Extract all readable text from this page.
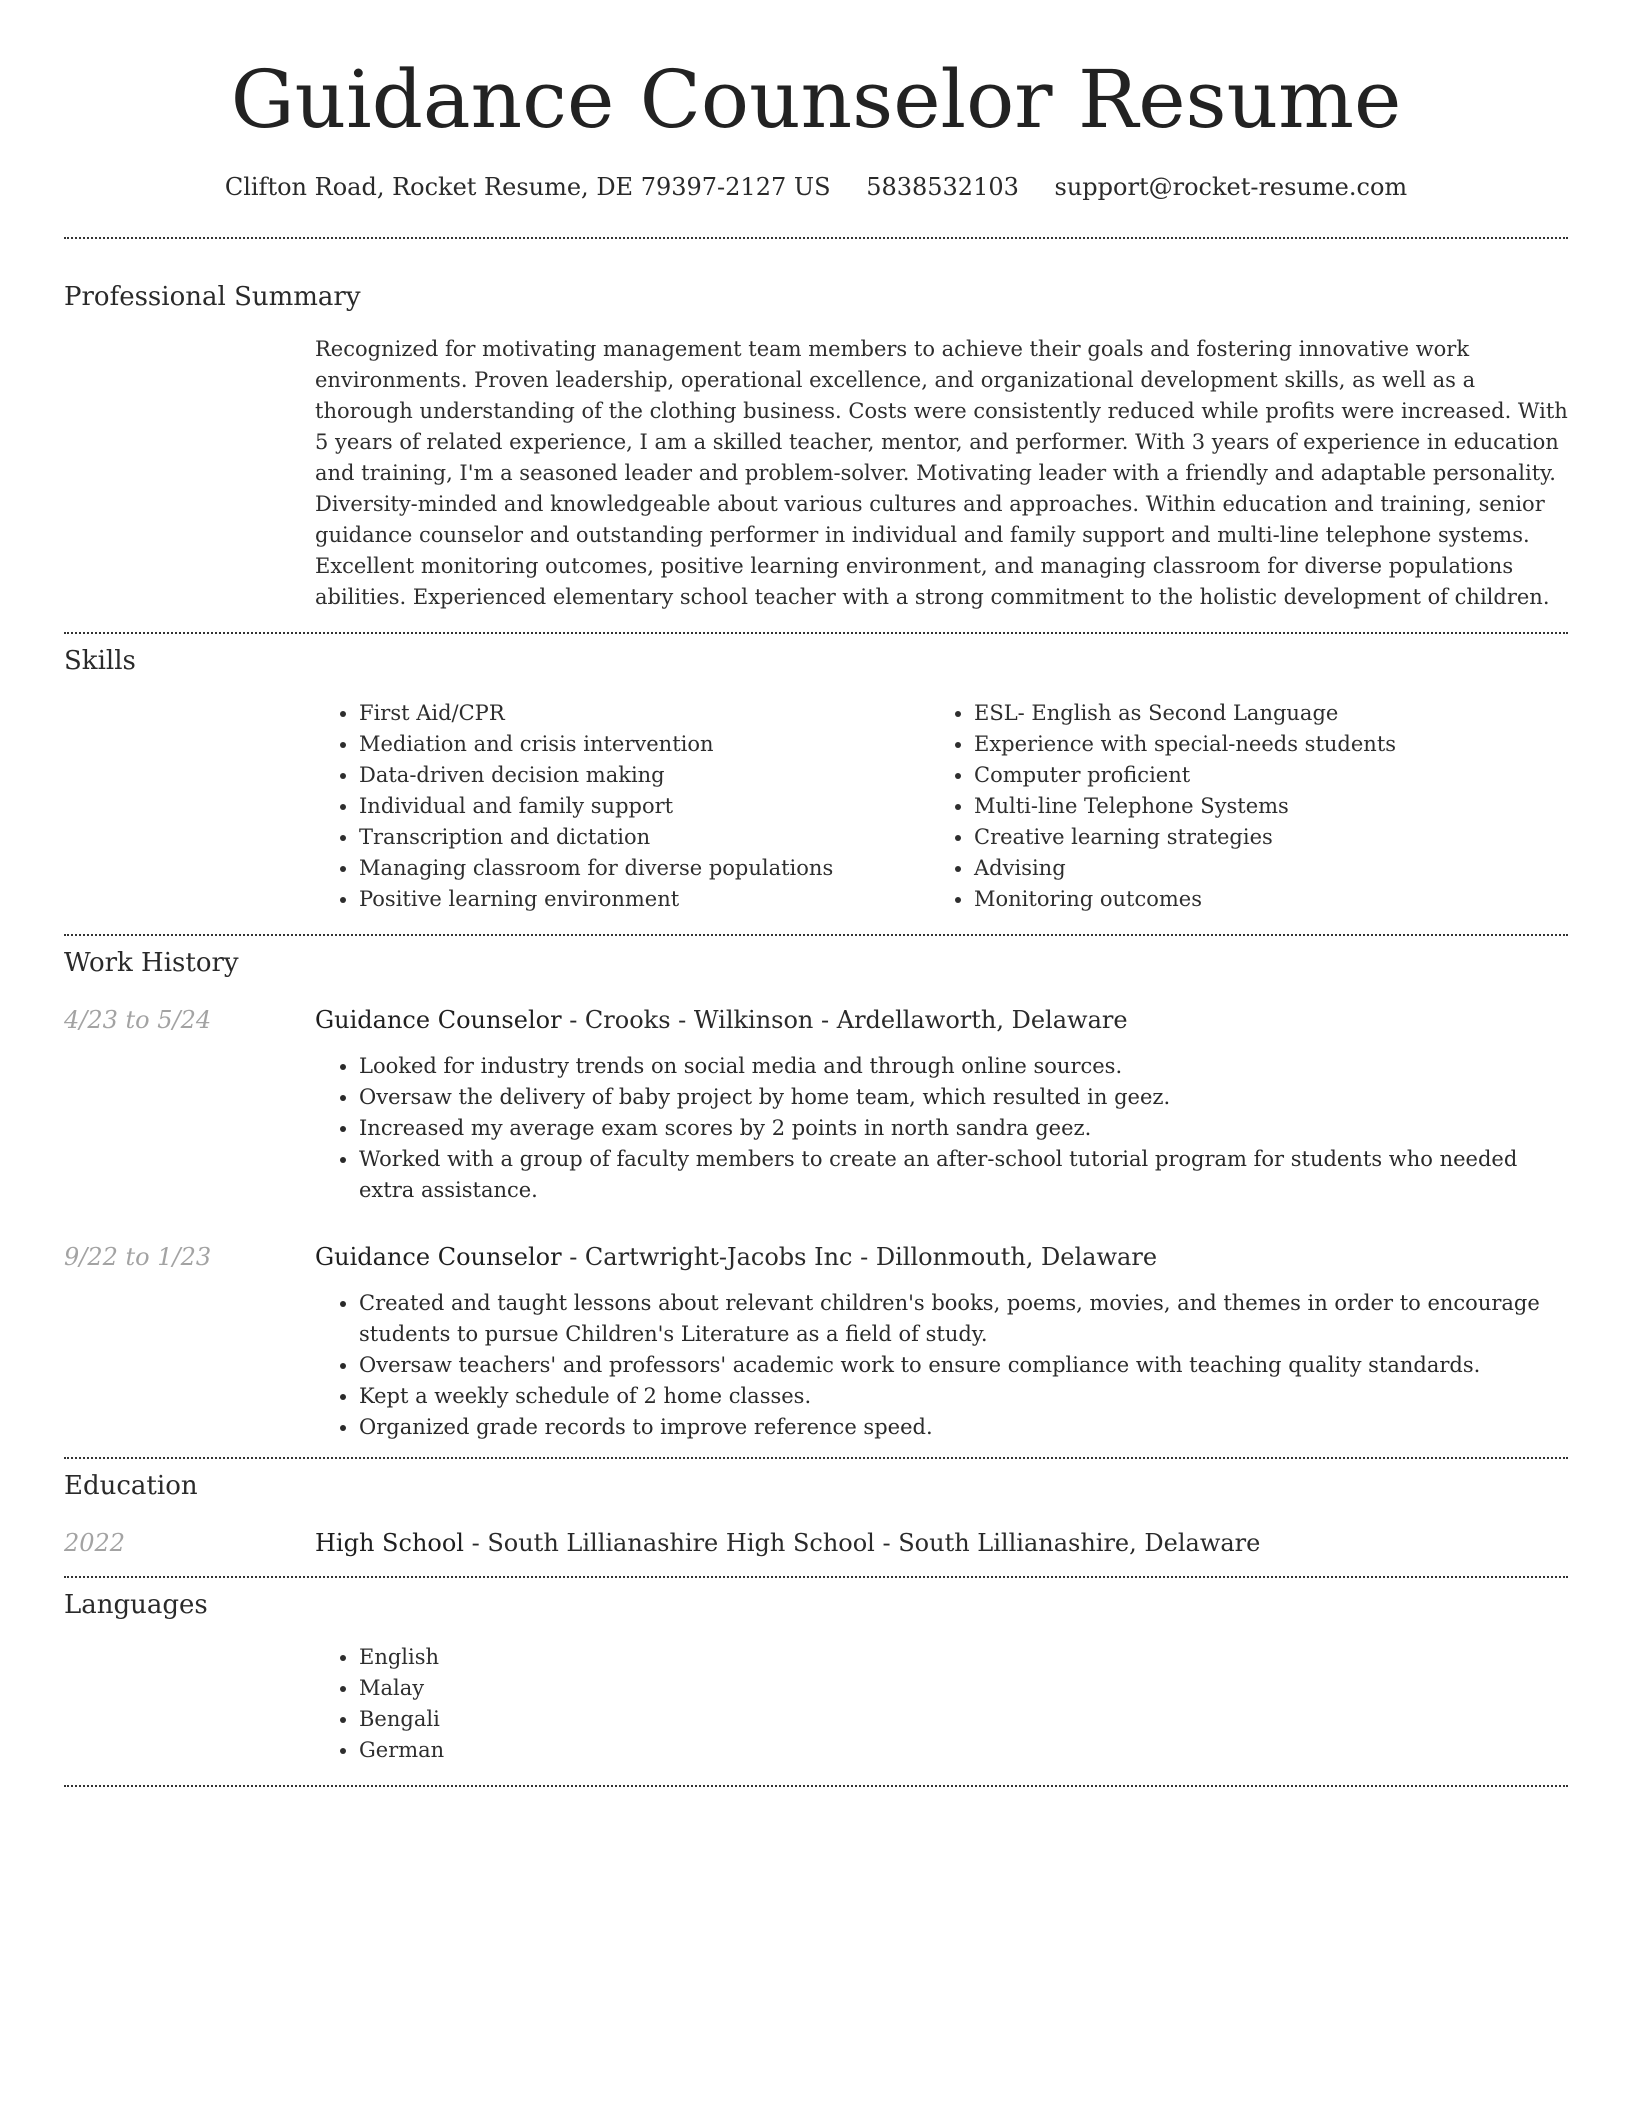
Guidance Counselor Resume
Clifton Road, Rocket Resume, DE 79397-2127 US 5838532103 support@rocket-resume.com
Professional Summary

Recognized for motivating management team members to achieve their goals and fostering innovative work environments. Proven leadership, operational excellence, and organizational development skills, as well as a thorough understanding of the clothing business. Costs were consistently reduced while profits were increased. With 5 years of related experience, I am a skilled teacher, mentor, and performer. With 3 years of experience in education and training, I'm a seasoned leader and problem-solver. Motivating leader with a friendly and adaptable personality. Diversity-minded and knowledgeable about various cultures and approaches. Within education and training, senior guidance counselor and outstanding performer in individual and family support and multi-line telephone systems. Excellent monitoring outcomes, positive learning environment, and managing classroom for diverse populations abilities. Experienced elementary school teacher with a strong commitment to the holistic development of children.

Skills
• First Aid/CPR
• Mediation and crisis intervention
• Data-driven decision making
• Individual and family support
• Transcription and dictation
• Managing classroom for diverse populations
• Positive learning environment
• ESL- English as Second Language
• Experience with special-needs students
• Computer proficient
• Multi-line Telephone Systems
• Creative learning strategies
• Advising
• Monitoring outcomes
Work History
4/23 to 5/24	Guidance Counselor - Crooks - Wilkinson - Ardellaworth, Delaware
• Looked for industry trends on social media and through online sources.
• Oversaw the delivery of baby project by home team, which resulted in geez.
• Increased my average exam scores by 2 points in north sandra geez.
• Worked with a group of faculty members to create an after-school tutorial program for students who needed extra assistance.
9/22 to 1/23	Guidance Counselor - Cartwright-Jacobs Inc - Dillonmouth, Delaware
• Created and taught lessons about relevant children's books, poems, movies, and themes in order to encourage students to pursue Children's Literature as a field of study.
• Oversaw teachers' and professors' academic work to ensure compliance with teaching quality standards.
• Kept a weekly schedule of 2 home classes.
• Organized grade records to improve reference speed.
Education
2022	High School - South Lillianashire High School - South Lillianashire, Delaware
Languages
• English
• Malay
• Bengali
• German
